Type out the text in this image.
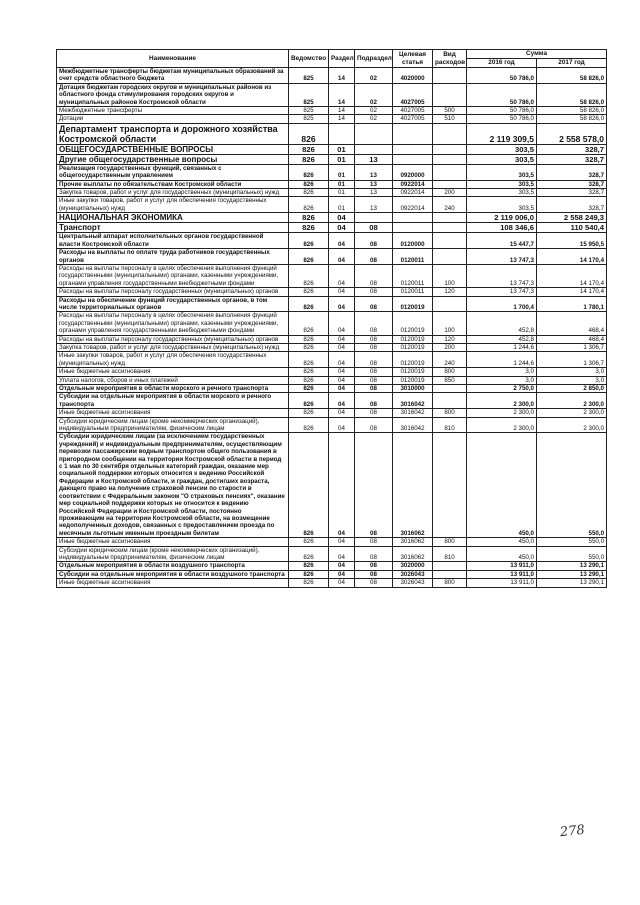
Наименование	Ведомство	Раздел	Подраздел	Целевая статья	Вид расходов	Сумма	
						2016 год	2017 год
Межбюджетные трансферты бюджетам муниципальных образований за счет средств областного бюджета	825	14	02	4020000		50 786,0	58 826,0
Дотация бюджетам городских округов и муниципальных районов из областного фонда стимулирования городских округов и муниципальных районов Костромской области	825	14	02	4027005		50 786,0	58 826,0
Межбюджетные трансферты	825	14	02	4027005	500	50 786,0	58 826,0
Дотации	825	14	02	4027005	510	50 786,0	58 826,0
Департамент транспорта и дорожного хозяйства Костромской области	826					2 119 309,5	2 558 578,0
ОБЩЕГОСУДАРСТВЕННЫЕ ВОПРОСЫ	826	01				303,5	328,7
Другие общегосударственные вопросы	826	01	13			303,5	328,7
Реализация государственных функций, связанных с общегосударственным управлением	826	01	13	0920000		303,5	328,7
Прочие выплаты по обязательствам Костромской области	826	01	13	0922014		303,5	328,7
Закупка товаров, работ и услуг для государственных (муниципальных) нужд	826	01	13	0922014	200	303,5	328,7
Иные закупки товаров, работ и услуг для обеспечения государственных (муниципальных) нужд	826	01	13	0922014	240	303,5	328,7
НАЦИОНАЛЬНАЯ ЭКОНОМИКА	826	04				2 119 006,0	2 558 249,3
Транспорт	826	04	08			108 346,6	110 540,4
Центральный аппарат исполнительных органов государственной власти Костромской области	826	04	08	0120000		15 447,7	15 950,5
Расходы на выплаты по оплате труда работников государственных органов	826	04	08	0120011		13 747,3	14 170,4
Расходы на выплаты персоналу в целях обеспечения выполнения функций государственными (муниципальными) органами, казенными учреждениями, органами управления государственными внебюджетными фондами	826	04	08	0120011	100	13 747,3	14 170,4
Расходы на выплаты персоналу государственных (муниципальных) органов	826	04	08	0120011	120	13 747,3	14 170,4
Расходы на обеспечение функций государственных органов, в том числе территориальных органов	826	04	08	0120019		1 700,4	1 780,1
Расходы на выплаты персоналу в целях обеспечения выполнения функций государственными (муниципальными) органами, казенными учреждениями, органами управления государственными внебюджетными фондами	826	04	08	0120019	100	452,8	468,4
Расходы на выплаты персоналу государственных (муниципальных) органов	826	04	08	0120019	120	452,8	468,4
Закупка товаров, работ и услуг для государственных (муниципальных) нужд	826	04	08	0120019	200	1 244,6	1 306,7
Иные закупки товаров, работ и услуг для обеспечения государственных (муниципальных) нужд	826	04	08	0120019	240	1 244,6	1 306,7
Иные бюджетные ассигнования	826	04	08	0120019	800	3,0	3,0
Уплата налогов, сборов и иных платежей	826	04	08	0120019	850	3,0	3,0
Отдельные мероприятия в области морского и речного транспорта	826	04	08	3010000		2 750,0	2 850,0
Субсидии на отдельные мероприятия в области морского и речного транспорта	826	04	08	3016042		2 300,0	2 300,0
Иные бюджетные ассигнования	826	04	08	3016042	800	2 300,0	2 300,0
Субсидии юридическим лицам (кроме некоммерческих организаций), индивидуальным предпринимателям, физическим лицам	826	04	08	3016042	810	2 300,0	2 300,0
Субсидии юридическим лицам (за исключением государственных учреждений) и индивидуальным предпринимателям, осуществляющим перевозки пассажирским водным транспортом общего пользования в пригородном сообщении на территории Костромской области в период с 1 мая по 30 сентября отдельных категорий граждан, оказание мер социальной поддержки которых относится к ведению Российской Федерации и Костромской области, и граждан, достигших возраста, дающего право на получение страховой пенсии по старости в соответствии с Федеральным законом "О страховых пенсиях", оказание мер социальной поддержки которых не относится к ведению Российской Федерации и Костромской области, постоянно проживающим на территории Костромской области, на возмещение недополученных доходов, связанных с предоставлением проезда по месячным льготным именным проездным билетам	826	04	08	3016062		450,0	550,0
Иные бюджетные ассигнования	826	04	08	3016062	800	450,0	550,0
Субсидии юридическим лицам (кроме некоммерческих организаций), индивидуальным предпринимателям, физическим лицам	826	04	08	3016062	810	450,0	550,0
Отдельные мероприятия в области воздушного транспорта	826	04	08	3020000		13 911,0	13 290,1
Субсидии на отдельные мероприятия в области воздушного транспорта	826	04	08	3026043		13 911,0	13 290,1
Иные бюджетные ассигнования	826	04	08	3026043	800	13 911,0	13 290,1
278
